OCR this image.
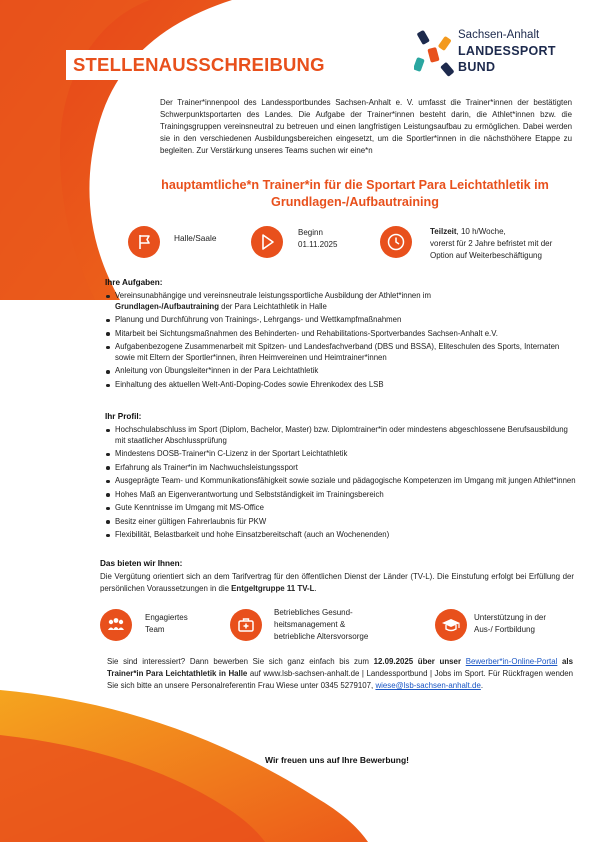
STELLENAUSSCHREIBUNG
Sachsen-Anhalt
LANDESSPORT
BUND
Der Trainer*innenpool des Landessportbundes Sachsen-Anhalt e. V. umfasst die Trainer*innen der bestätigten Schwerpunktsportarten des Landes. Die Aufgabe der Trainer*innen besteht darin, die Athlet*innen bzw. die Trainingsgruppen vereinsneutral zu betreuen und einen langfristigen Leistungsaufbau zu ermöglichen. Dabei werden sie in den verschiedenen Ausbildungsbereichen eingesetzt, um die Sportler*innen in die nächsthöhere Etappe zu begleiten. Zur Verstärkung unseres Teams suchen wir eine*n
hauptamtliche*n Trainer*in für die Sportart Para Leichtathletik im Grundlagen-/Aufbautraining
Halle/Saale
Beginn
01.11.2025
Teilzeit, 10 h/Woche,
vorerst für 2 Jahre befristet mit der
Option auf Weiterbeschäftigung
Ihre Aufgaben:
Vereinsunabhängige und vereinsneutrale leistungssportliche Ausbildung der Athlet*innen im
Grundlagen-/Aufbautraining der Para Leichtathletik in Halle
Planung und Durchführung von Trainings-, Lehrgangs- und Wettkampfmaßnahmen
Mitarbeit bei Sichtungsmaßnahmen des Behinderten- und Rehabilitations-Sportverbandes Sachsen-Anhalt e.V.
Aufgabenbezogene Zusammenarbeit mit Spitzen- und Landesfachverband (DBS und BSSA), Eliteschulen des Sports, Internaten sowie mit Eltern der Sportler*innen, ihren Heimvereinen und Heimtrainer*innen
Anleitung von Übungsleiter*innen in der Para Leichtathletik
Einhaltung des aktuellen Welt-Anti-Doping-Codes sowie Ehrenkodex des LSB
Ihr Profil:
Hochschulabschluss im Sport (Diplom, Bachelor, Master) bzw. Diplomtrainer*in oder mindestens abgeschlossene Berufsausbildung mit staatlicher Abschlussprüfung
Mindestens DOSB-Trainer*in C-Lizenz in der Sportart Leichtathletik
Erfahrung als Trainer*in im Nachwuchsleistungssport
Ausgeprägte Team- und Kommunikationsfähigkeit sowie soziale und pädagogische Kompetenzen im Umgang mit jungen Athlet*innen
Hohes Maß an Eigenverantwortung und Selbstständigkeit im Trainingsbereich
Gute Kenntnisse im Umgang mit MS-Office
Besitz einer gültigen Fahrerlaubnis für PKW
Flexibilität, Belastbarkeit und hohe Einsatzbereitschaft (auch an Wochenenden)
Das bieten wir Ihnen:
Die Vergütung orientiert sich an dem Tarifvertrag für den öffentlichen Dienst der Länder (TV-L). Die Einstufung erfolgt bei Erfüllung der persönlichen Voraussetzungen in die Entgeltgruppe 11 TV-L.
Engagiertes
Team
Betriebliches Gesund-
heitsmanagement &
betriebliche Altersvorsorge
Unterstützung in der
Aus-/ Fortbildung
Sie sind interessiert? Dann bewerben Sie sich ganz einfach bis zum 12.09.2025 über unser Bewerber*in-Online-Portal als Trainer*in Para Leichtathletik in Halle auf www.lsb-sachsen-anhalt.de | Landessportbund | Jobs im Sport. Für Rückfragen wenden Sie sich bitte an unsere Personalreferentin Frau Wiese unter 0345 5279107, wiese@lsb-sachsen-anhalt.de.
Wir freuen uns auf Ihre Bewerbung!
